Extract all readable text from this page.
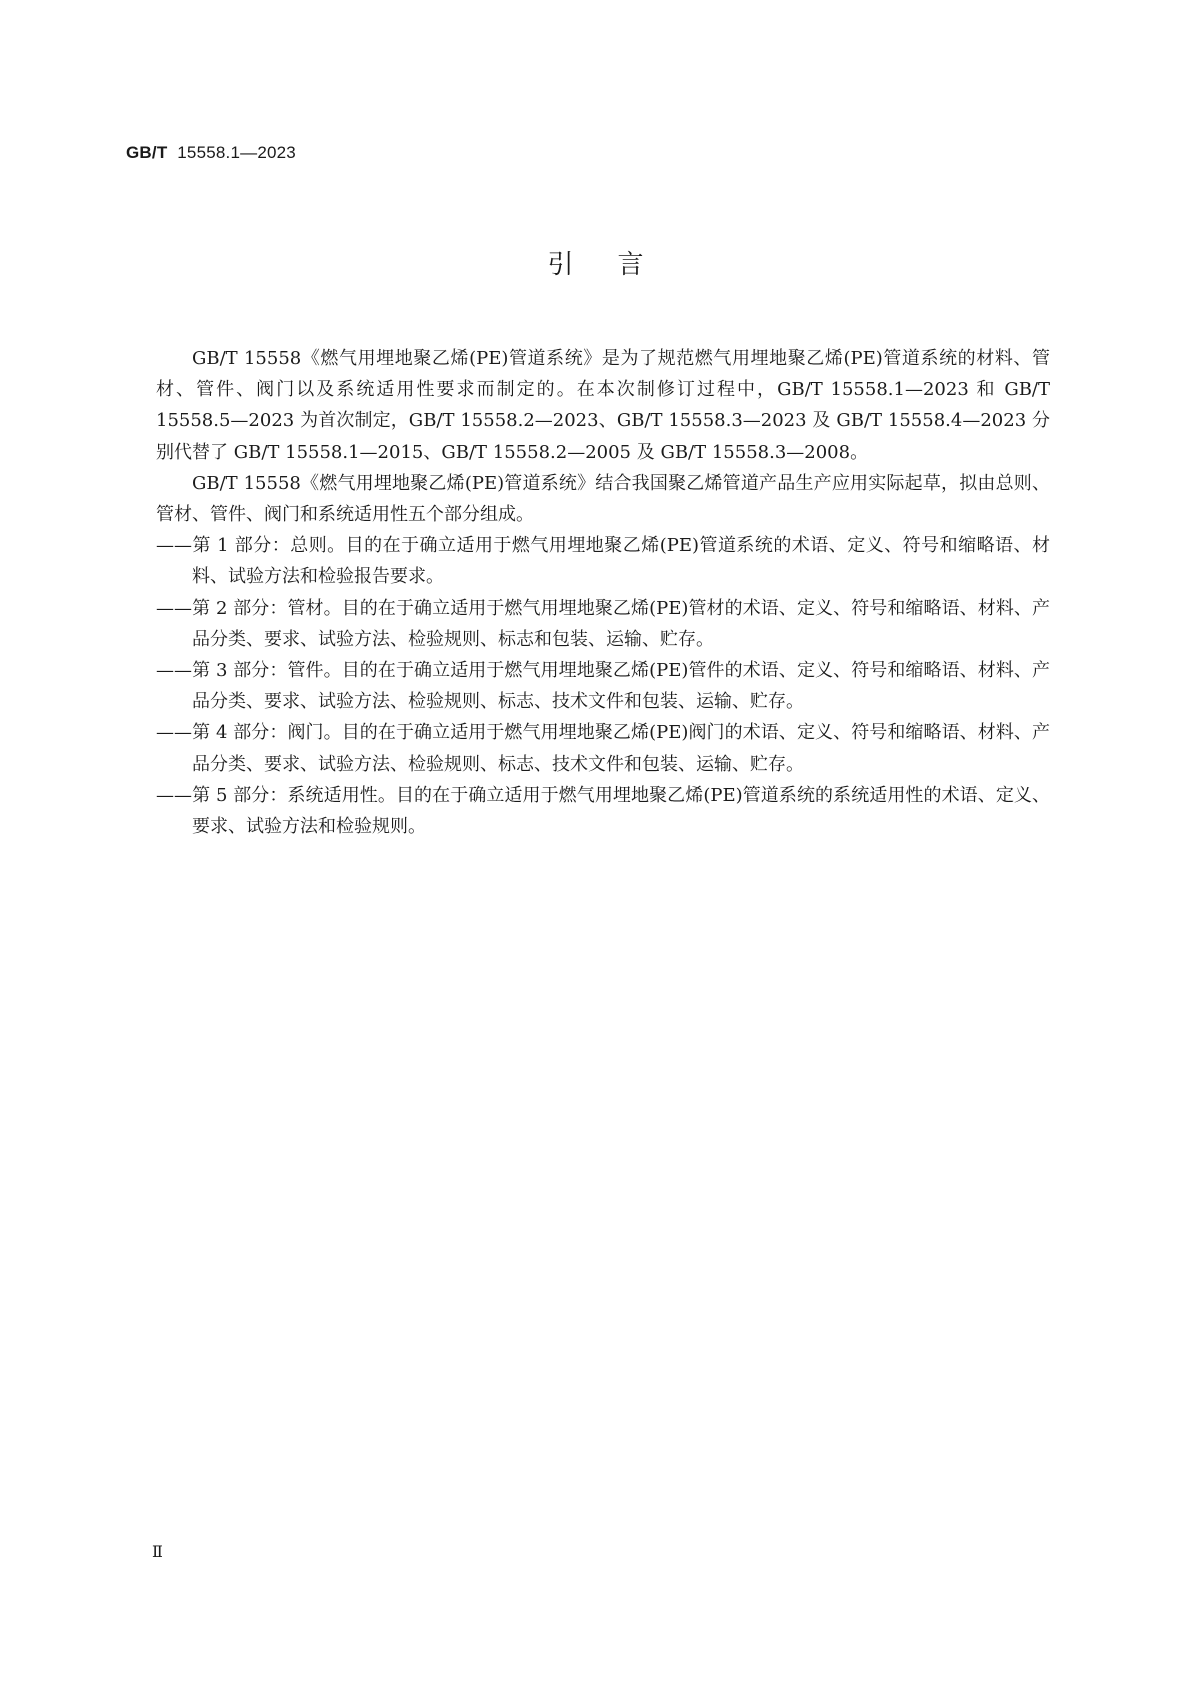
GB/T 15558.1—2023
引言

GB/T 15558《燃气用埋地聚乙烯(PE)管道系统》是为了规范燃气用埋地聚乙烯(PE)管道系统的材料、管材、管件、阀门以及系统适用性要求而制定的。在本次制修订过程中，GB/T 15558.1—2023 和 GB/T 15558.5—2023 为首次制定，GB/T 15558.2—2023、GB/T 15558.3—2023 及 GB/T 15558.4—2023 分别代替了 GB/T 15558.1—2015、GB/T 15558.2—2005 及 GB/T 15558.3—2008。

GB/T 15558《燃气用埋地聚乙烯(PE)管道系统》结合我国聚乙烯管道产品生产应用实际起草，拟由总则、管材、管件、阀门和系统适用性五个部分组成。

——第 1 部分：总则。目的在于确立适用于燃气用埋地聚乙烯(PE)管道系统的术语、定义、符号和缩略语、材料、试验方法和检验报告要求。
——第 2 部分：管材。目的在于确立适用于燃气用埋地聚乙烯(PE)管材的术语、定义、符号和缩略语、材料、产品分类、要求、试验方法、检验规则、标志和包装、运输、贮存。
——第 3 部分：管件。目的在于确立适用于燃气用埋地聚乙烯(PE)管件的术语、定义、符号和缩略语、材料、产品分类、要求、试验方法、检验规则、标志、技术文件和包装、运输、贮存。
——第 4 部分：阀门。目的在于确立适用于燃气用埋地聚乙烯(PE)阀门的术语、定义、符号和缩略语、材料、产品分类、要求、试验方法、检验规则、标志、技术文件和包装、运输、贮存。
——第 5 部分：系统适用性。目的在于确立适用于燃气用埋地聚乙烯(PE)管道系统的系统适用性的术语、定义、要求、试验方法和检验规则。
Ⅱ
